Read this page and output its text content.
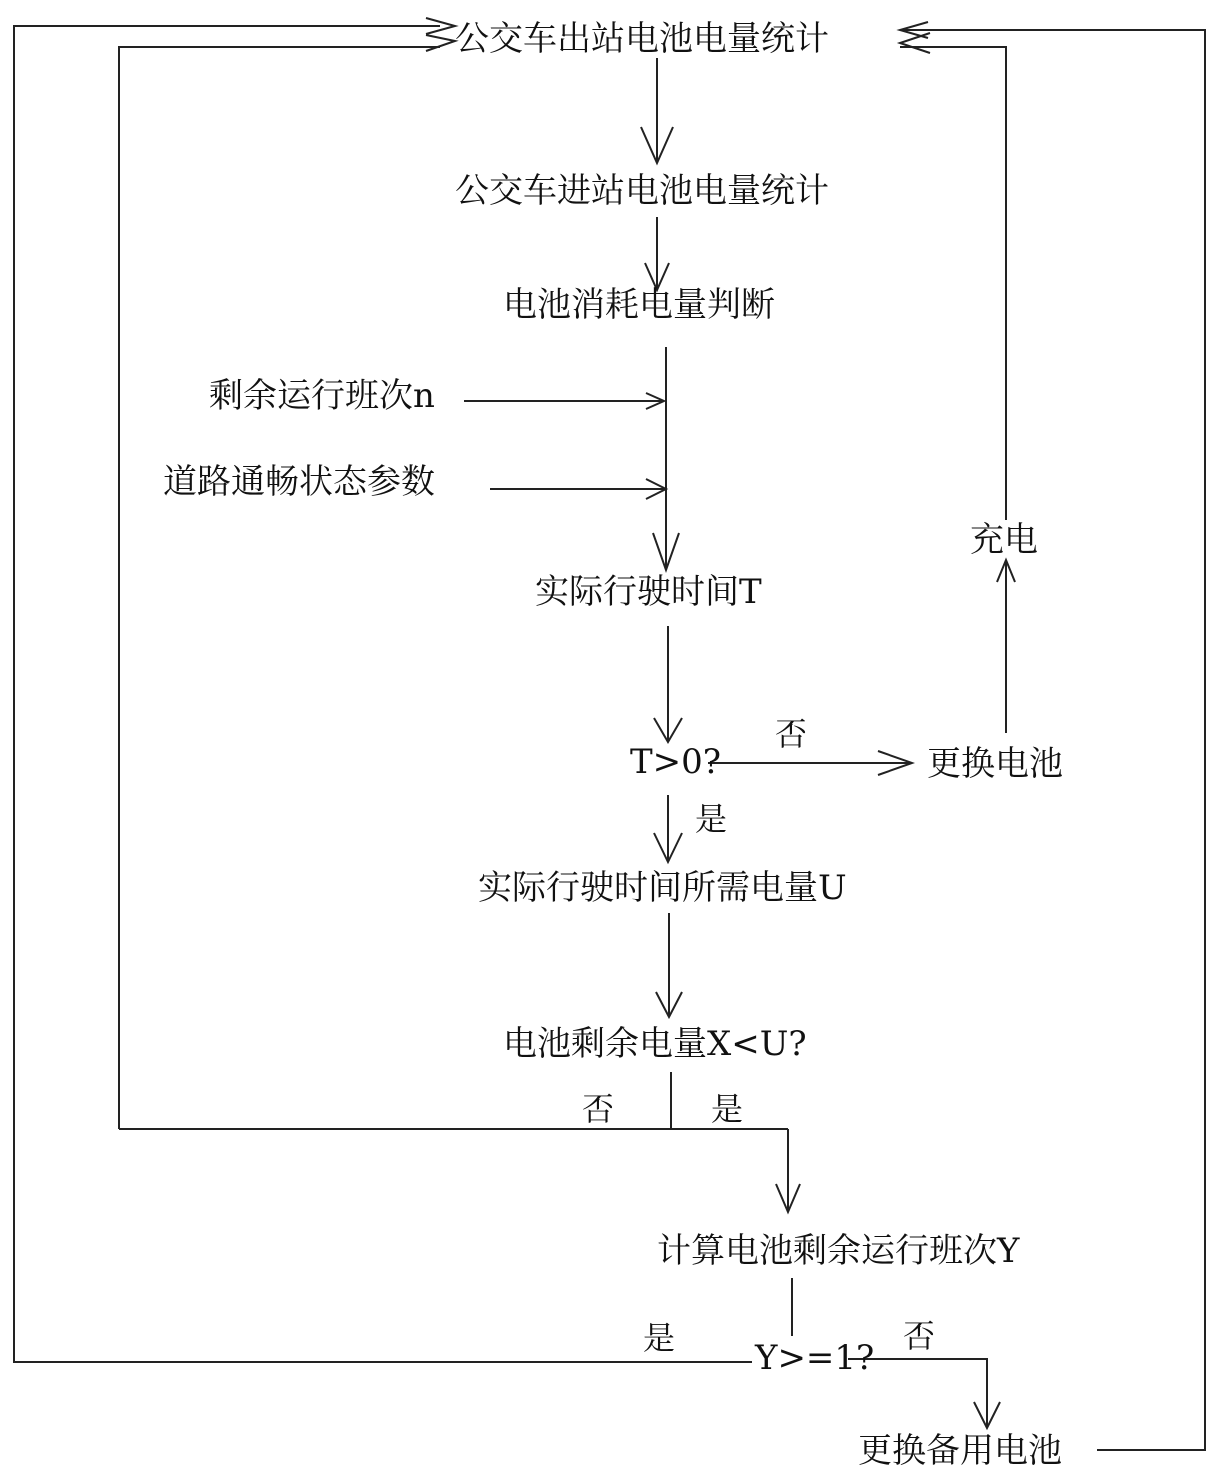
公交车出站电池电量统计
公交车进站电池电量统计
电池消耗电量判断
剩余运行班次n
道路通畅状态参数
实际行驶时间T
T>0?	更换电池
充电
实际行驶时间所需电量U
电池剩余电量X<U?
计算电池剩余运行班次Y
Y>=1?
更换备用电池
否
是
否	是
是	否
